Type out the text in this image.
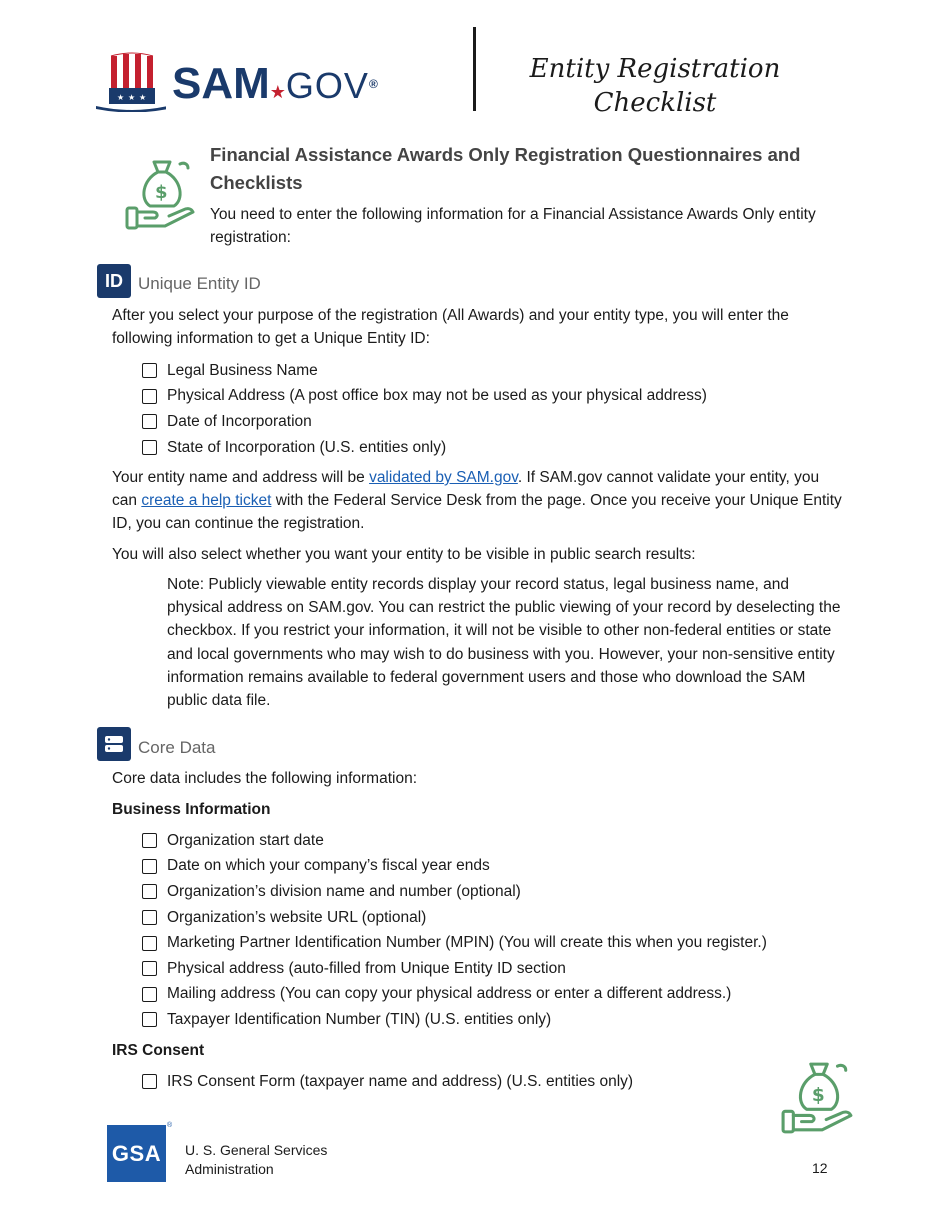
★ ★ ★ SAM★GOV®	Entity Registration
Checklist
$
Financial Assistance Awards Only Registration Questionnaires and Checklists
You need to enter the following information for a Financial Assistance Awards Only entity registration:
ID Unique Entity ID
After you select your purpose of the registration (All Awards) and your entity type, you will enter the following information to get a Unique Entity ID:
Legal Business Name
Physical Address (A post office box may not be used as your physical address)
Date of Incorporation
State of Incorporation (U.S. entities only)
Your entity name and address will be validated by SAM.gov. If SAM.gov cannot validate your entity, you can create a help ticket with the Federal Service Desk from the page. Once you receive your Unique Entity ID, you can continue the registration.
You will also select whether you want your entity to be visible in public search results:
Note: Publicly viewable entity records display your record status, legal business name, and physical address on SAM.gov. You can restrict the public viewing of your record by deselecting the checkbox. If you restrict your information, it will not be visible to other non-federal entities or state and local governments who may wish to do business with you. However, your non-sensitive entity information remains available to federal government users and those who download the SAM public data file.
Core Data
Core data includes the following information:
Business Information
Organization start date
Date on which your company’s fiscal year ends
Organization’s division name and number (optional)
Organization’s website URL (optional)
Marketing Partner Identification Number (MPIN) (You will create this when you register.)
Physical address (auto-filled from Unique Entity ID section
Mailing address (You can copy your physical address or enter a different address.)
Taxpayer Identification Number (TIN) (U.S. entities only)
IRS Consent
IRS Consent Form (taxpayer name and address) (U.S. entities only)
$
GSA
®
U. S. General Services
Administration	12
